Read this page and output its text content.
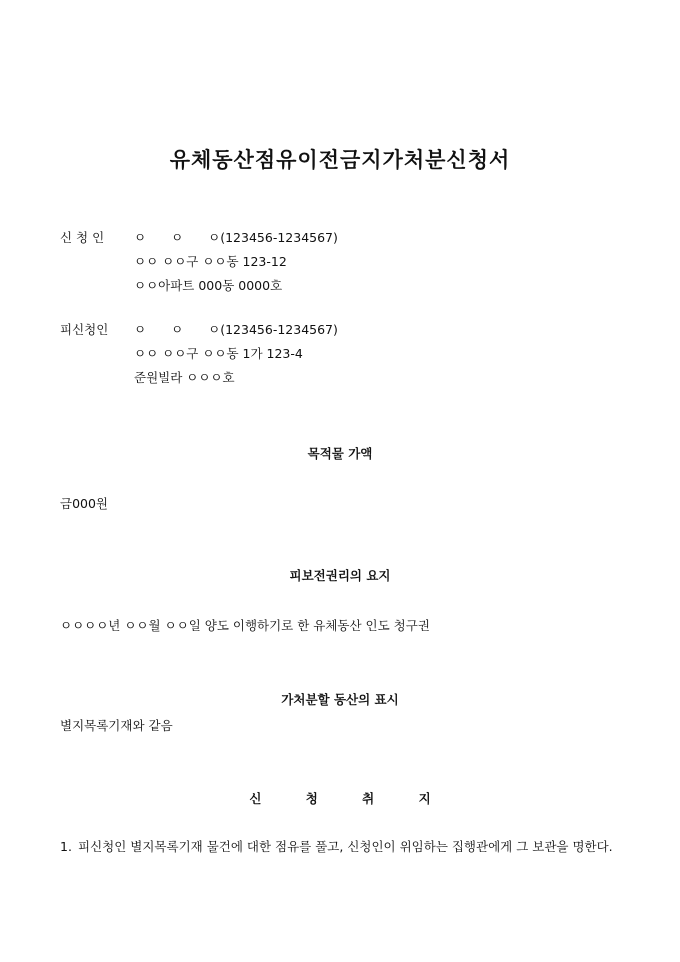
유체동산점유이전금지가처분신청서
신 청 인	ㅇ　　ㅇ　　ㅇ(123456-1234567)
ㅇㅇ ㅇㅇ구 ㅇㅇ동 123-12
ㅇㅇ아파트 000동 0000호
피신청인	ㅇ　　ㅇ　　ㅇ(123456-1234567)
ㅇㅇ ㅇㅇ구 ㅇㅇ동 1가 123-4
준원빌라 ㅇㅇㅇ호
목적물 가액
금000원
피보전권리의 요지
ㅇㅇㅇㅇ년 ㅇㅇ월 ㅇㅇ일 양도 이행하기로 한 유체동산 인도 청구권
가처분할 동산의 표시
별지목록기재와 같음
신 청 취 지
1. 피신청인 별지목록기재 물건에 대한 점유를 풀고, 신청인이 위임하는 집행관에게 그 보관을 명한다.
